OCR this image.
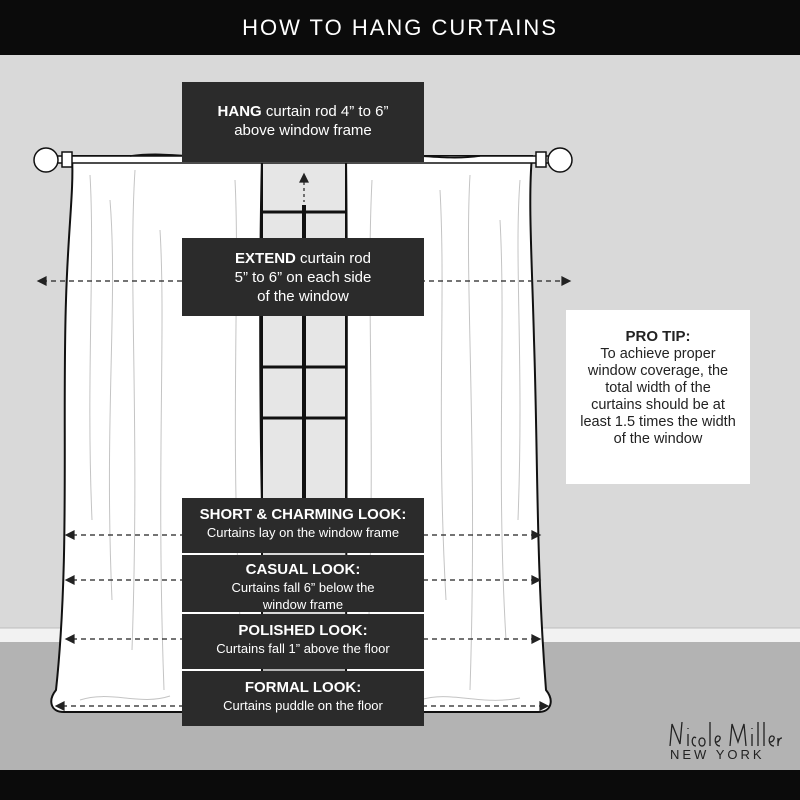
HOW TO HANG CURTAINS
HANG curtain rod 4” to 6”
above window frame
EXTEND curtain rod
5” to 6” on each side
of the window
SHORT & CHARMING LOOK:
Curtains lay on the window frame
CASUAL LOOK:
Curtains fall 6” below the window frame
POLISHED LOOK:
Curtains fall 1” above the floor
FORMAL LOOK:
Curtains puddle on the floor
PRO TIP:
To achieve proper window coverage, the total width of the curtains should be at least 1.5 times the width of the window
NEW YORK
